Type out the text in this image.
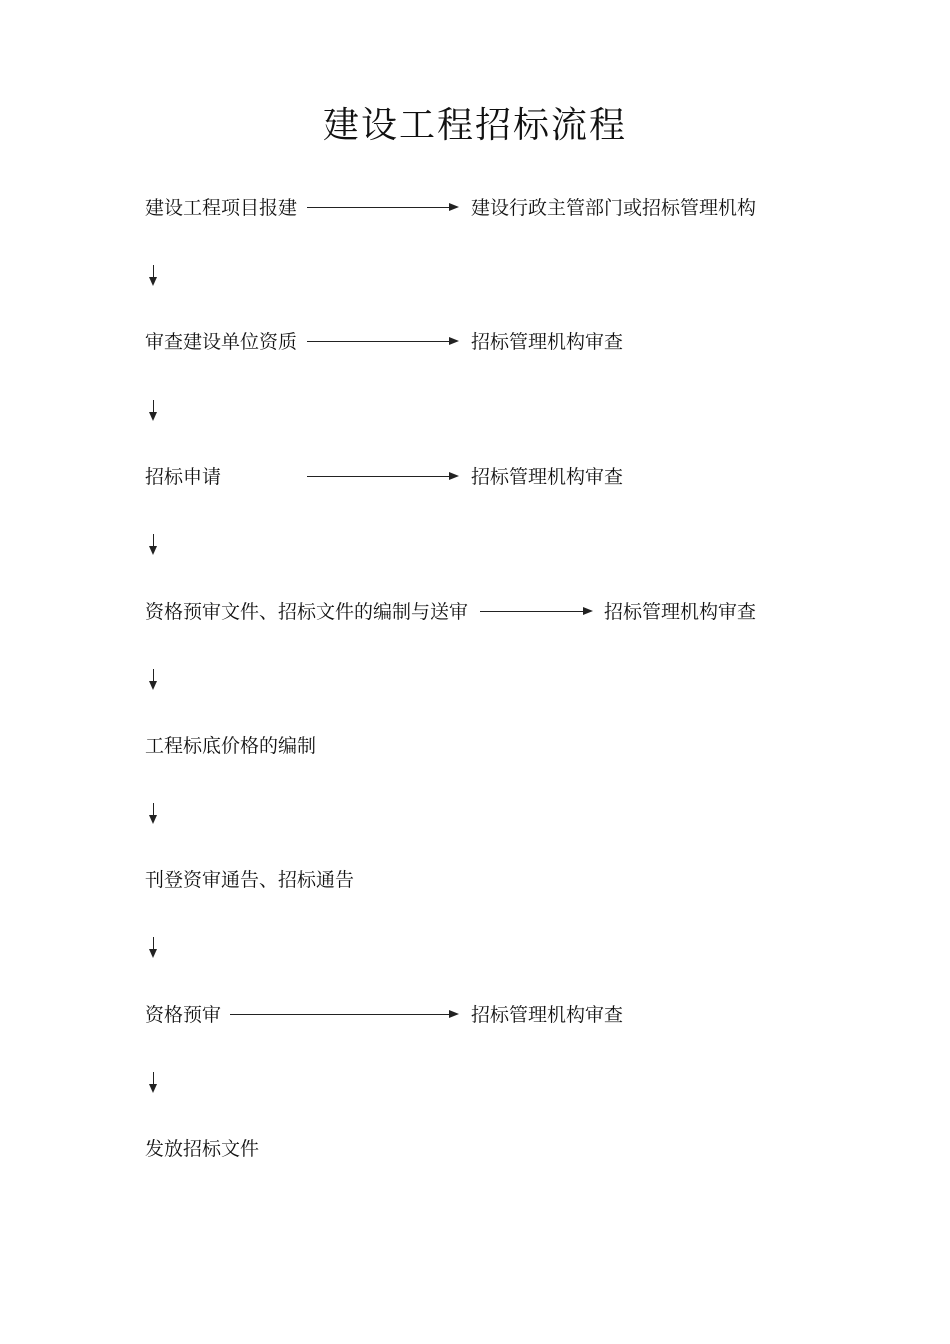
建设工程招标流程
建设工程项目报建	建设行政主管部门或招标管理机构
审查建设单位资质	招标管理机构审查
招标申请	招标管理机构审查
资格预审文件、招标文件的编制与送审	招标管理机构审查
工程标底价格的编制
刊登资审通告、招标通告
资格预审	招标管理机构审查
发放招标文件
